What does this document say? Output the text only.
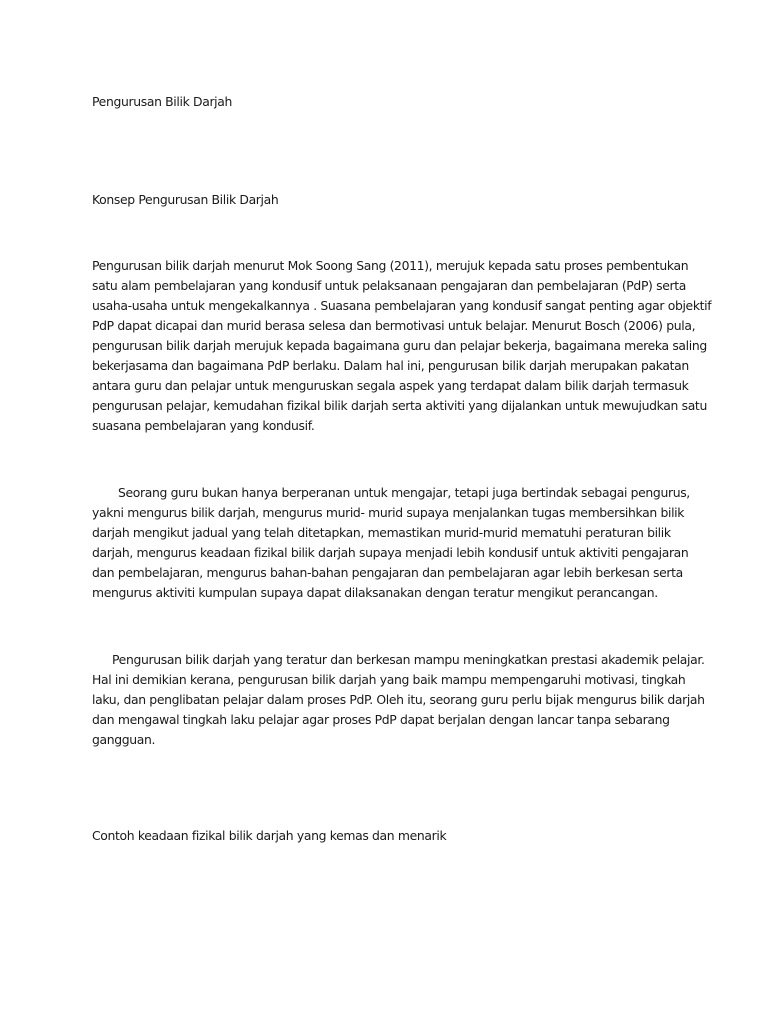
Pengurusan Bilik Darjah
Konsep Pengurusan Bilik Darjah
Pengurusan bilik darjah menurut Mok Soong Sang (2011), merujuk kepada satu proses pembentukan
satu alam pembelajaran yang kondusif untuk pelaksanaan pengajaran dan pembelajaran (PdP) serta
usaha-usaha untuk mengekalkannya . Suasana pembelajaran yang kondusif sangat penting agar objektif
PdP dapat dicapai dan murid berasa selesa dan bermotivasi untuk belajar. Menurut Bosch (2006) pula,
pengurusan bilik darjah merujuk kepada bagaimana guru dan pelajar bekerja, bagaimana mereka saling
bekerjasama dan bagaimana PdP berlaku. Dalam hal ini, pengurusan bilik darjah merupakan pakatan
antara guru dan pelajar untuk menguruskan segala aspek yang terdapat dalam bilik darjah termasuk
pengurusan pelajar, kemudahan fizikal bilik darjah serta aktiviti yang dijalankan untuk mewujudkan satu
suasana pembelajaran yang kondusif.
Seorang guru bukan hanya berperanan untuk mengajar, tetapi juga bertindak sebagai pengurus,
yakni mengurus bilik darjah, mengurus murid- murid supaya menjalankan tugas membersihkan bilik
darjah mengikut jadual yang telah ditetapkan, memastikan murid-murid mematuhi peraturan bilik
darjah, mengurus keadaan fizikal bilik darjah supaya menjadi lebih kondusif untuk aktiviti pengajaran
dan pembelajaran, mengurus bahan-bahan pengajaran dan pembelajaran agar lebih berkesan serta
mengurus aktiviti kumpulan supaya dapat dilaksanakan dengan teratur mengikut perancangan.
Pengurusan bilik darjah yang teratur dan berkesan mampu meningkatkan prestasi akademik pelajar.
Hal ini demikian kerana, pengurusan bilik darjah yang baik mampu mempengaruhi motivasi, tingkah
laku, dan penglibatan pelajar dalam proses PdP. Oleh itu, seorang guru perlu bijak mengurus bilik darjah
dan mengawal tingkah laku pelajar agar proses PdP dapat berjalan dengan lancar tanpa sebarang
gangguan.
Contoh keadaan fizikal bilik darjah yang kemas dan menarik
